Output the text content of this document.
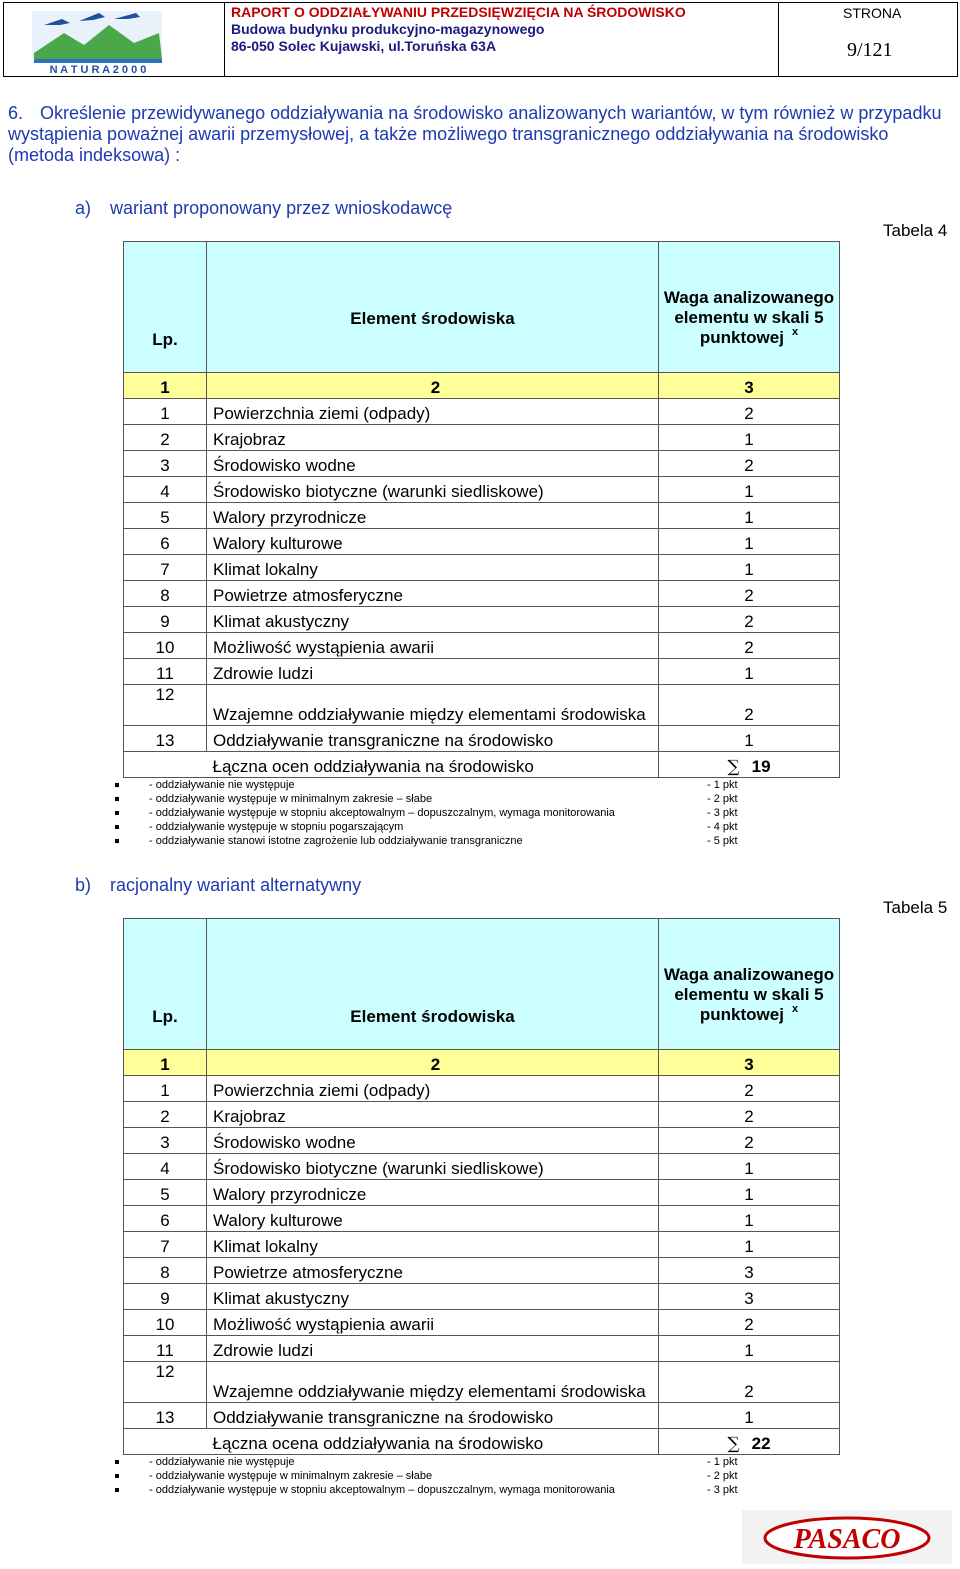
N A T U R A 2 0 0 0
RAPORT O ODDZIAŁYWANIU PRZEDSIĘWZIĘCIA NA ŚRODOWISKO
Budowa budynku produkcyjno-magazynowego
86-050 Solec Kujawski, ul.Toruńska 63A
STRONA
9/121
6. Określenie przewidywanego oddziaływania na środowisko analizowanych wariantów, w tym również w przypadku wystąpienia poważnej awarii przemysłowej, a także możliwego transgranicznego oddziaływania na środowisko (metoda indeksowa) :
a) wariant proponowany przez wnioskodawcę
Tabela 4
Lp.	Element środowiska	Waga analizowanego elementu w skali 5 punktowej $^x$
1	2	3
1	Powierzchnia ziemi (odpady)	2
2	Krajobraz	1
3	Środowisko wodne	2
4	Środowisko biotyczne (warunki siedliskowe)	1
5	Walory przyrodnicze	1
6	Walory kulturowe	1
7	Klimat lokalny	1
8	Powietrze atmosferyczne	2
9	Klimat akustyczny	2
10	Możliwość wystąpienia awarii	2
11	Zdrowie ludzi	1
12	Wzajemne oddziaływanie między elementami środowiska	2
13	Oddziaływanie transgraniczne na środowisko	1
	Łączna ocen oddziaływania na środowisko	∑ 19
- oddziaływanie nie występuje	- 1 pkt
- oddziaływanie występuje w minimalnym zakresie – słabe	- 2 pkt
- oddziaływanie występuje w stopniu akceptowalnym – dopuszczalnym, wymaga monitorowania	- 3 pkt
- oddziaływanie występuje w stopniu pogarszającym	- 4 pkt
- oddziaływanie stanowi istotne zagrożenie lub oddziaływanie transgraniczne	- 5 pkt
b) racjonalny wariant alternatywny
Tabela 5
Lp.	Element środowiska	Waga analizowanego elementu w skali 5 punktowej $^x$
1	2	3
1	Powierzchnia ziemi (odpady)	2
2	Krajobraz	2
3	Środowisko wodne	2
4	Środowisko biotyczne (warunki siedliskowe)	1
5	Walory przyrodnicze	1
6	Walory kulturowe	1
7	Klimat lokalny	1
8	Powietrze atmosferyczne	3
9	Klimat akustyczny	3
10	Możliwość wystąpienia awarii	2
11	Zdrowie ludzi	1
12	Wzajemne oddziaływanie między elementami środowiska	2
13	Oddziaływanie transgraniczne na środowisko	1
	Łączna ocena oddziaływania na środowisko	∑ 22
- oddziaływanie nie występuje	- 1 pkt
- oddziaływanie występuje w minimalnym zakresie – słabe	- 2 pkt
- oddziaływanie występuje w stopniu akceptowalnym – dopuszczalnym, wymaga monitorowania	- 3 pkt
PASACO
